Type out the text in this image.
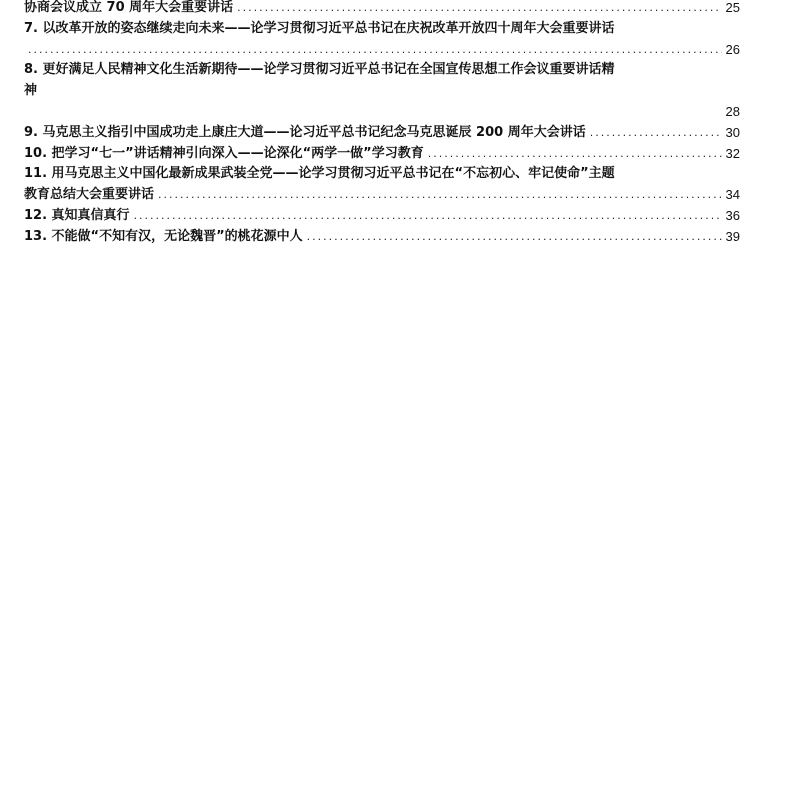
协商会议成立 70 周年大会重要讲话 .....	25
7. 以改革开放的姿态继续走向未来——论学习贯彻习近平总书记在庆祝改革开放四十周年大会重要讲话
.....
26
8. 更好满足人民精神文化生活新期待——论学习贯彻习近平总书记在全国宣传思想工作会议重要讲话精
神
28
9. 马克思主义指引中国成功走上康庄大道——论习近平总书记纪念马克思诞辰 200 周年大会讲话 .....	30
10. 把学习“七一”讲话精神引向深入——论深化“两学一做”学习教育 .....	32
11. 用马克思主义中国化最新成果武装全党——论学习贯彻习近平总书记在“不忘初心、牢记使命”主题
教育总结大会重要讲话 .....	34
12. 真知真信真行 .....	36
13. 不能做“不知有汉，无论魏晋”的桃花源中人 .....	39
